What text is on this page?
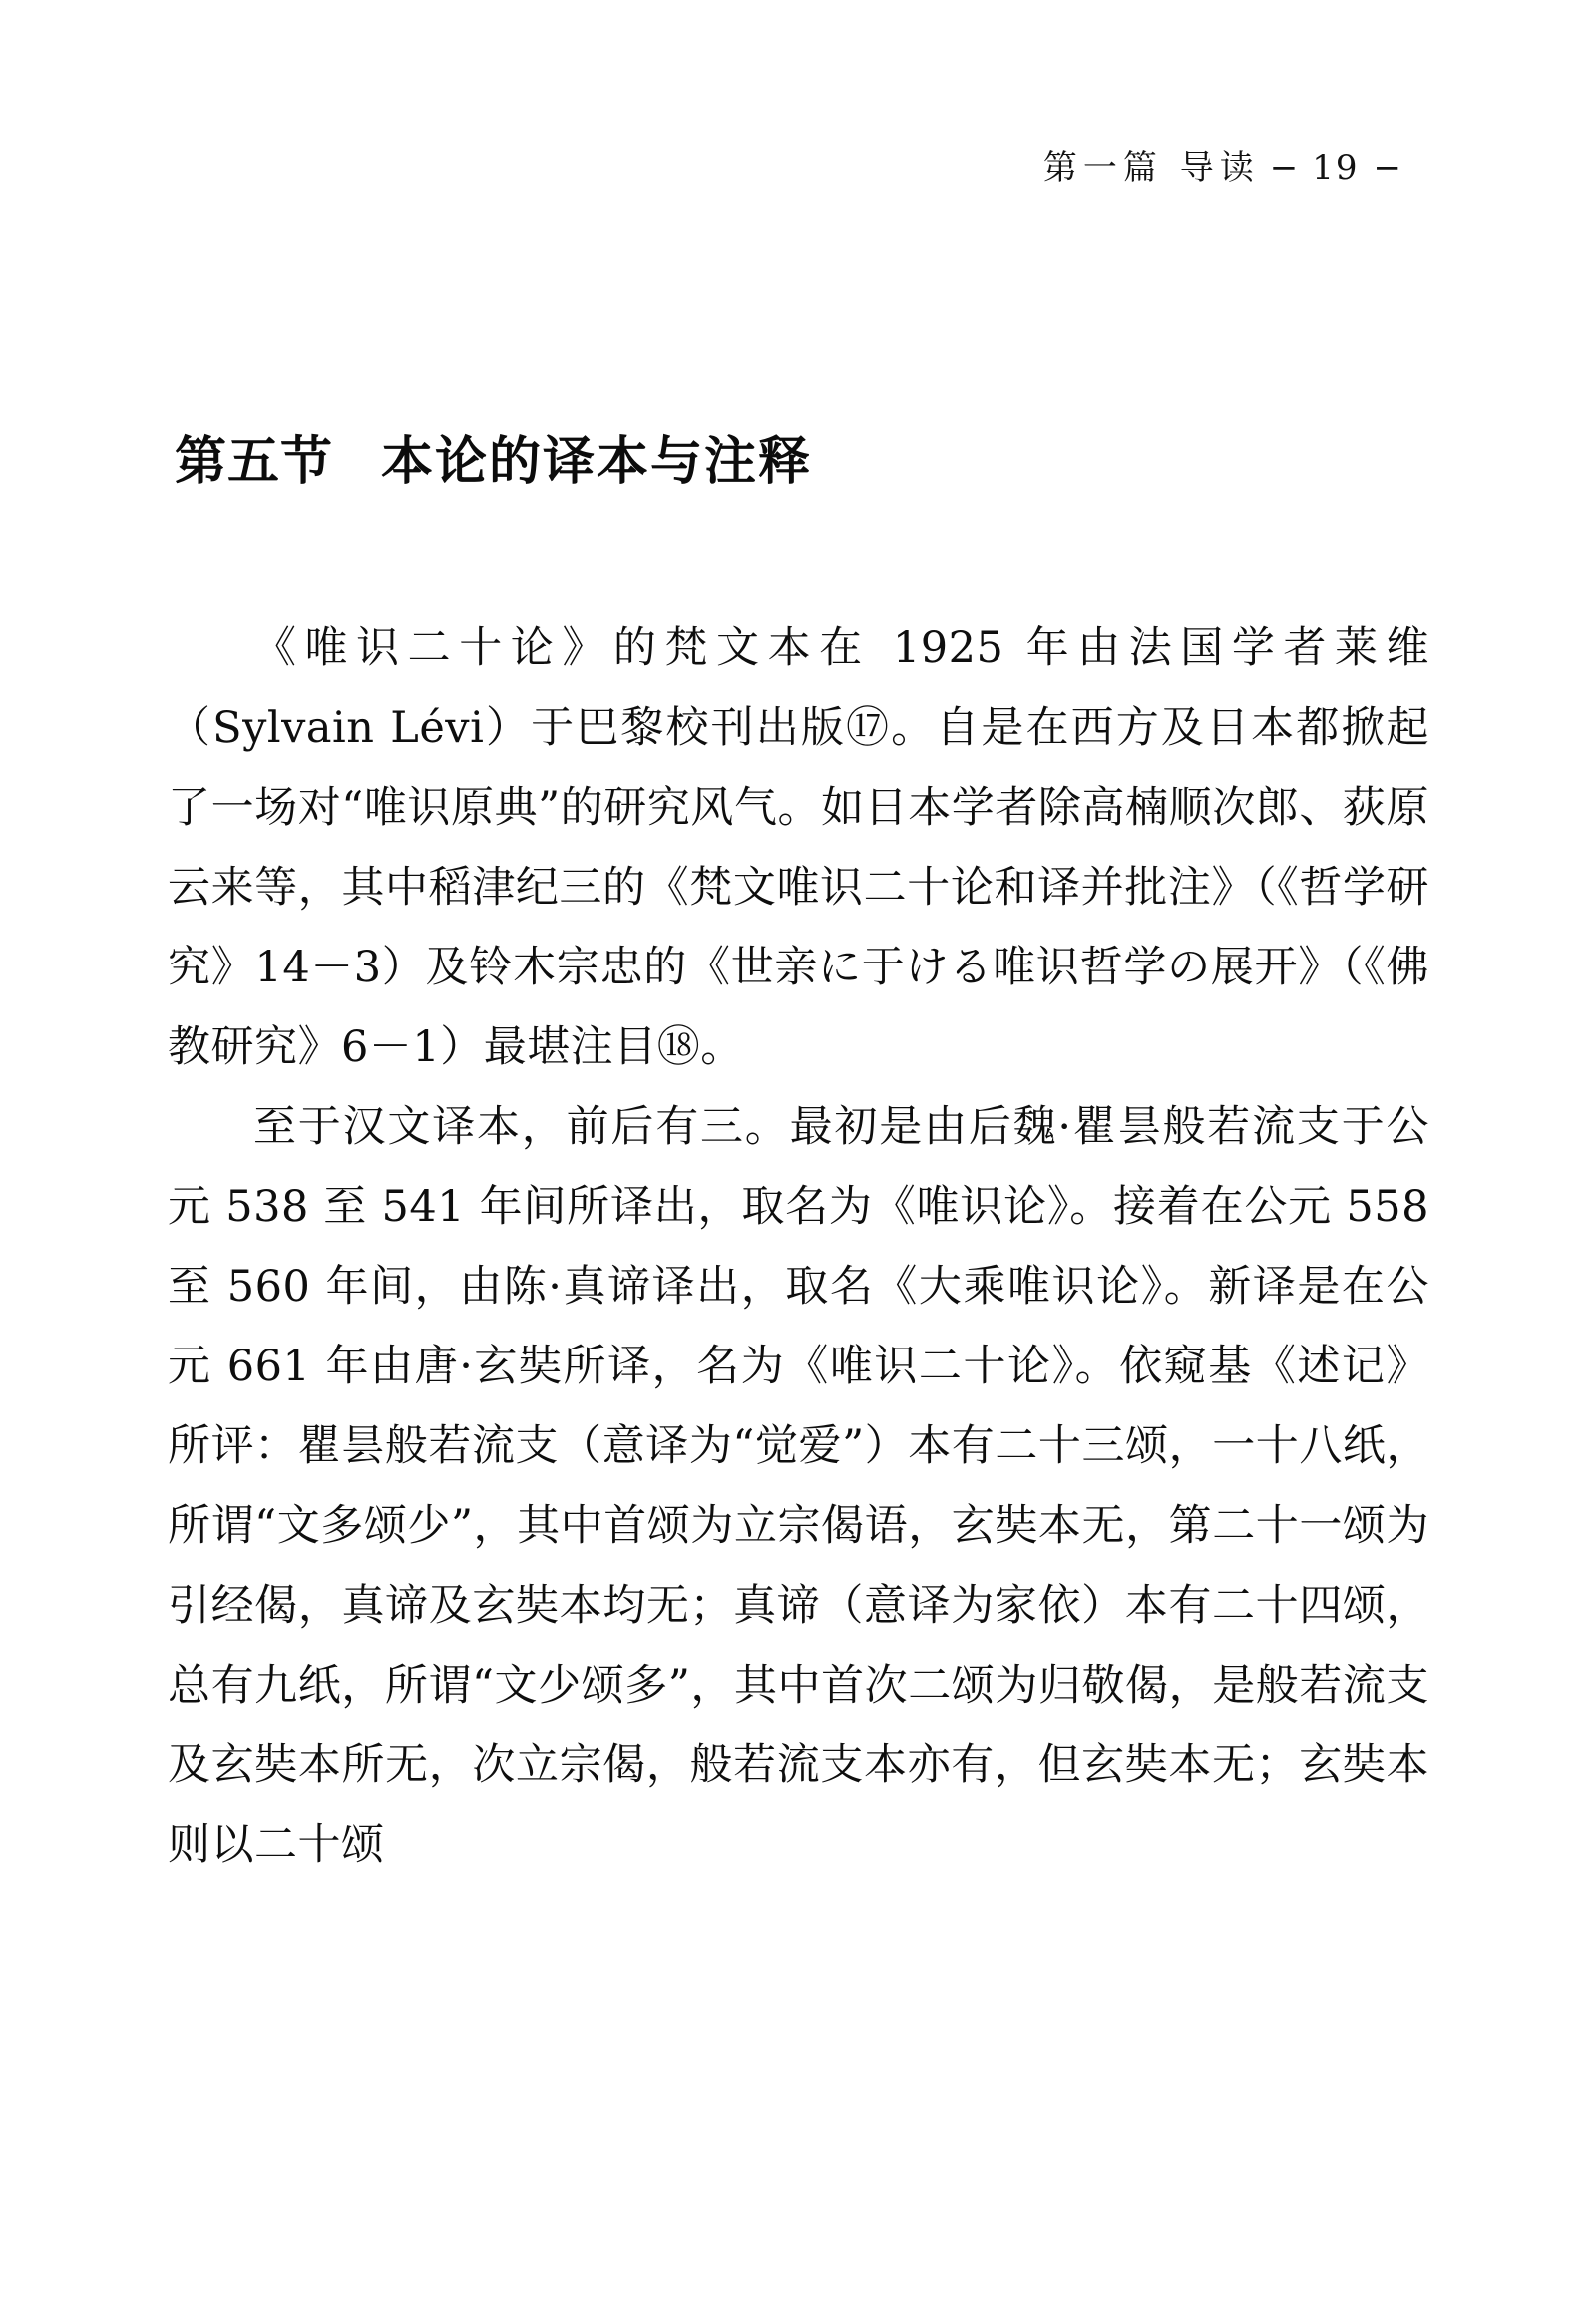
第一篇 导读 − 19 −
第五节 本论的译本与注释

《唯识二十论》的梵文本在 1925 年由法国学者莱维（Sylvain Lévi）于巴黎校刊出版⑰。自是在西方及日本都掀起了一场对“唯识原典”的研究风气。如日本学者除高楠顺次郎、荻原云来等，其中稻津纪三的《梵文唯识二十论和译并批注》（《哲学研究》14－3）及铃木宗忠的《世亲に于ける唯识哲学の展开》（《佛教研究》6－1）最堪注目⑱。

至于汉文译本，前后有三。最初是由后魏·瞿昙般若流支于公元 538 至 541 年间所译出，取名为《唯识论》。接着在公元 558 至 560 年间，由陈·真谛译出，取名《大乘唯识论》。新译是在公元 661 年由唐·玄奘所译，名为《唯识二十论》。依窥基《述记》所评：瞿昙般若流支（意译为“觉爱”）本有二十三颂，一十八纸，所谓“文多颂少”，其中首颂为立宗偈语，玄奘本无，第二十一颂为引经偈，真谛及玄奘本均无；真谛（意译为家依）本有二十四颂，总有九纸，所谓“文少颂多”，其中首次二颂为归敬偈，是般若流支及玄奘本所无，次立宗偈，般若流支本亦有，但玄奘本无；玄奘本则以二十颂
